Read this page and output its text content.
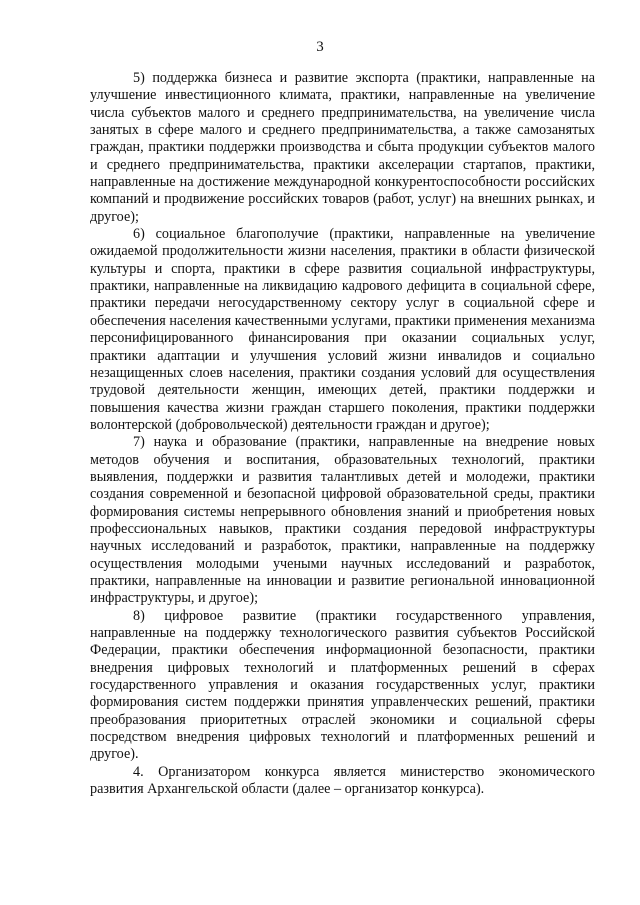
3

5) поддержка бизнеса и развитие экспорта (практики, направленные на улучшение инвестиционного климата, практики, направленные на увеличение числа субъектов малого и среднего предпринимательства, на увеличение числа занятых в сфере малого и среднего предпринимательства, а также самозанятых граждан, практики поддержки производства и сбыта продукции субъектов малого и среднего предпринимательства, практики акселерации стартапов, практики, направленные на достижение международной конкурентоспособности российских компаний и продвижение российских товаров (работ, услуг) на внешних рынках, и другое);

6) социальное благополучие (практики, направленные на увеличение ожидаемой продолжительности жизни населения, практики в области физической культуры и спорта, практики в сфере развития социальной инфраструктуры, практики, направленные на ликвидацию кадрового дефицита в социальной сфере, практики передачи негосударственному сектору услуг в социальной сфере и обеспечения населения качественными услугами, практики применения механизма персонифицированного финансирования при оказании социальных услуг, практики адаптации и улучшения условий жизни инвалидов и социально незащищенных слоев населения, практики создания условий для осуществления трудовой деятельности женщин, имеющих детей, практики поддержки и повышения качества жизни граждан старшего поколения, практики поддержки волонтерской (добровольческой) деятельности граждан и другое);

7) наука и образование (практики, направленные на внедрение новых методов обучения и воспитания, образовательных технологий, практики выявления, поддержки и развития талантливых детей и молодежи, практики создания современной и безопасной цифровой образовательной среды, практики формирования системы непрерывного обновления знаний и приобретения новых профессиональных навыков, практики создания передовой инфраструктуры научных исследований и разработок, практики, направленные на поддержку осуществления молодыми учеными научных исследований и разработок, практики, направленные на инновации и развитие региональной инновационной инфраструктуры, и другое);

8) цифровое развитие (практики государственного управления, направленные на поддержку технологического развития субъектов Российской Федерации, практики обеспечения информационной безопасности, практики внедрения цифровых технологий и платформенных решений в сферах государственного управления и оказания государственных услуг, практики формирования систем поддержки принятия управленческих решений, практики преобразования приоритетных отраслей экономики и социальной сферы посредством внедрения цифровых технологий и платформенных решений и другое).

4. Организатором конкурса является министерство экономического развития Архангельской области (далее – организатор конкурса).
